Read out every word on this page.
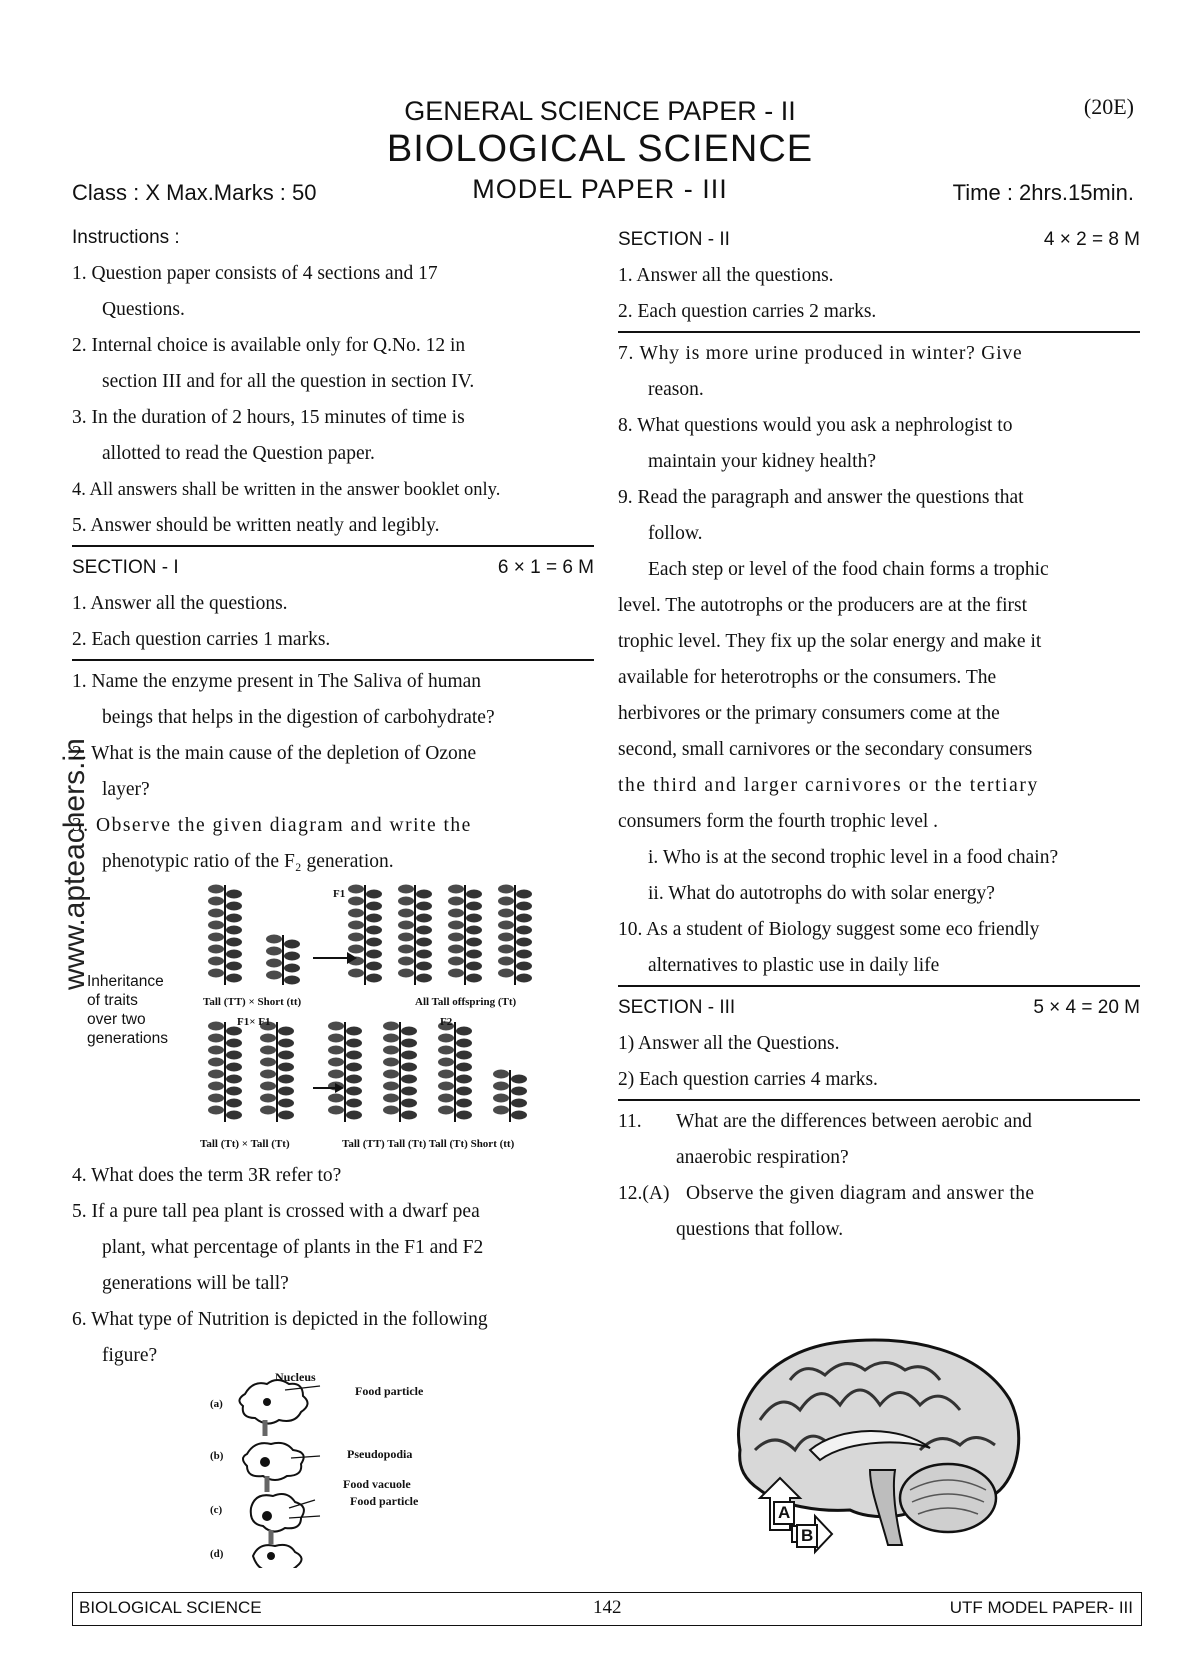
GENERAL SCIENCE PAPER - II	(20E)
BIOLOGICAL SCIENCE
Class : X Max.Marks : 50	MODEL PAPER - III	Time : 2hrs.15min.
www.apteachers.in
Instructions :
1. Question paper consists of 4 sections and 17
Questions.
2. Internal choice is available only for Q.No. 12 in
section III and for all the question in section IV.
3. In the duration of 2 hours, 15 minutes of time is
allotted to read the Question paper.
4. All answers shall be written in the answer booklet only.
5. Answer should be written neatly and legibly.
SECTION - I	6 × 1 = 6 M
1. Answer all the questions.
2. Each question carries 1 marks.
1. Name the enzyme present in The Saliva of human
beings that helps in the digestion of carbohydrate?
2. What is the main cause of the depletion of Ozone
layer?
3. Observe the given diagram and write the
phenotypic ratio of the F₂ generation.
Inheritance
of traits
over two
generations
F1
Tall (TT) × Short (tt)	All Tall offspring (Tt)
F1× F1	F2
Tall (Tt) × Tall (Tt)	Tall (TT) Tall (Tt) Tall (Tt) Short (tt)
4. What does the term 3R refer to?
5. If a pure tall pea plant is crossed with a dwarf pea
plant, what percentage of plants in the F1 and F2
generations will be tall?
6. What type of Nutrition is depicted in the following
figure?
Nucleus
Food particle
Pseudopodia
Food vacuole
Food particle
(a)
(b)
(c)
(d)
SECTION - II	4 × 2 = 8 M
1. Answer all the questions.
2. Each question carries 2 marks.
7. Why is more urine produced in winter? Give
reason.
8. What questions would you ask a nephrologist to
maintain your kidney health?
9. Read the paragraph and answer the questions that
follow.
Each step or level of the food chain forms a trophic
level. The autotrophs or the producers are at the first
trophic level. They fix up the solar energy and make it
available for heterotrophs or the consumers. The
herbivores or the primary consumers come at the
second, small carnivores or the secondary consumers
the third and larger carnivores or the tertiary
consumers form the fourth trophic level .
i. Who is at the second trophic level in a food chain?
ii. What do autotrophs do with solar energy?
10. As a student of Biology suggest some eco friendly
alternatives to plastic use in daily life
SECTION - III	5 × 4 = 20 M
1) Answer all the Questions.
2) Each question carries 4 marks.
11.	What are the differences between aerobic and
anaerobic respiration?
12.(A) Observe the given diagram and answer the
questions that follow.
A
B
BIOLOGICAL SCIENCE	142	UTF MODEL PAPER- III
